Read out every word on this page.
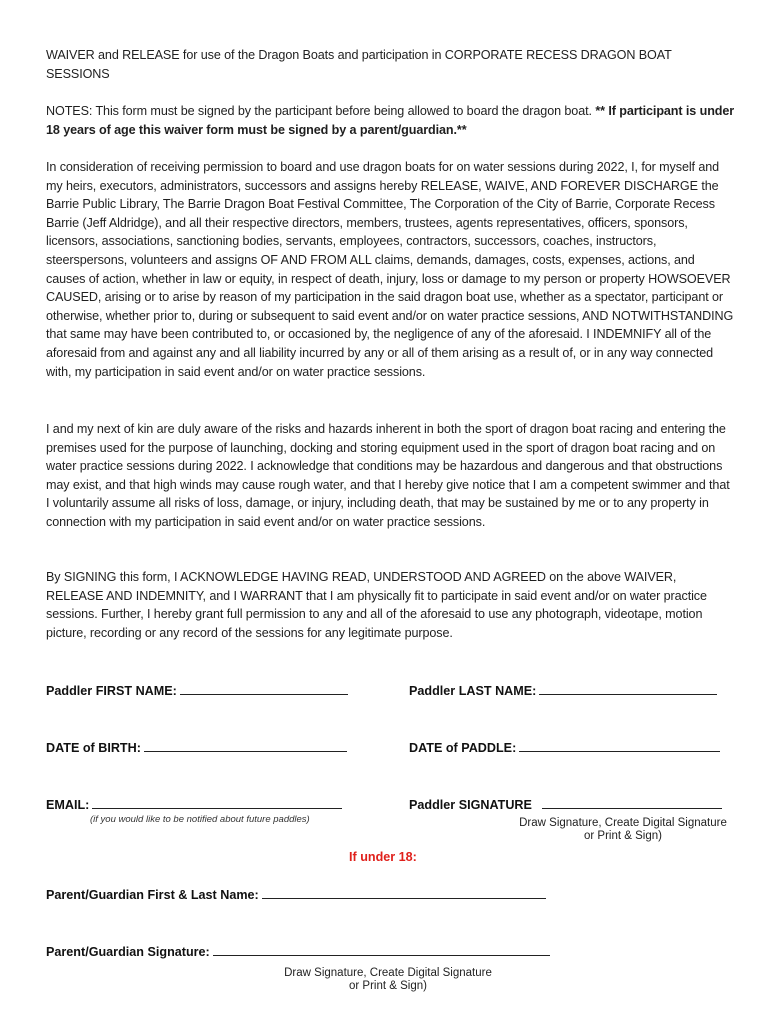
WAIVER and RELEASE for use of the Dragon Boats and participation in CORPORATE RECESS DRAGON BOAT SESSIONS

NOTES: This form must be signed by the participant before being allowed to board the dragon boat. ** If participant is under 18 years of age this waiver form must be signed by a parent/guardian.**

In consideration of receiving permission to board and use dragon boats for on water sessions during 2022, I, for myself and my heirs, executors, administrators, successors and assigns hereby RELEASE, WAIVE, AND FOREVER DISCHARGE the Barrie Public Library, The Barrie Dragon Boat Festival Committee, The Corporation of the City of Barrie, Corporate Recess Barrie (Jeff Aldridge), and all their respective directors, members, trustees, agents representatives, officers, sponsors, licensors, associations, sanctioning bodies, servants, employees, contractors, successors, coaches, instructors, steerspersons, volunteers and assigns OF AND FROM ALL claims, demands, damages, costs, expenses, actions, and causes of action, whether in law or equity, in respect of death, injury, loss or damage to my person or property HOWSOEVER CAUSED, arising or to arise by reason of my participation in the said dragon boat use, whether as a spectator, participant or otherwise, whether prior to, during or subsequent to said event and/or on water practice sessions, AND NOTWITHSTANDING that same may have been contributed to, or occasioned by, the negligence of any of the aforesaid. I INDEMNIFY all of the aforesaid from and against any and all liability incurred by any or all of them arising as a result of, or in any way connected with, my participation in said event and/or on water practice sessions.

I and my next of kin are duly aware of the risks and hazards inherent in both the sport of dragon boat racing and entering the premises used for the purpose of launching, docking and storing equipment used in the sport of dragon boat racing and on water practice sessions during 2022. I acknowledge that conditions may be hazardous and dangerous and that obstructions may exist, and that high winds may cause rough water, and that I hereby give notice that I am a competent swimmer and that I voluntarily assume all risks of loss, damage, or injury, including death, that may be sustained by me or to any property in connection with my participation in said event and/or on water practice sessions.

By SIGNING this form, I ACKNOWLEDGE HAVING READ, UNDERSTOOD AND AGREED on the above WAIVER, RELEASE AND INDEMNITY, and I WARRANT that I am physically fit to participate in said event and/or on water practice sessions. Further, I hereby grant full permission to any and all of the aforesaid to use any photograph, videotape, motion picture, recording or any record of the sessions for any legitimate purpose.

Paddler FIRST NAME:	Paddler LAST NAME:
DATE of BIRTH:	DATE of PADDLE:
EMAIL:
(if you would like to be notified about future paddles)
Paddler SIGNATURE
Draw Signature, Create Digital Signature
or Print & Sign)
If under 18:
Parent/Guardian First & Last Name:
Parent/Guardian Signature:
Draw Signature, Create Digital Signature
or Print & Sign)
